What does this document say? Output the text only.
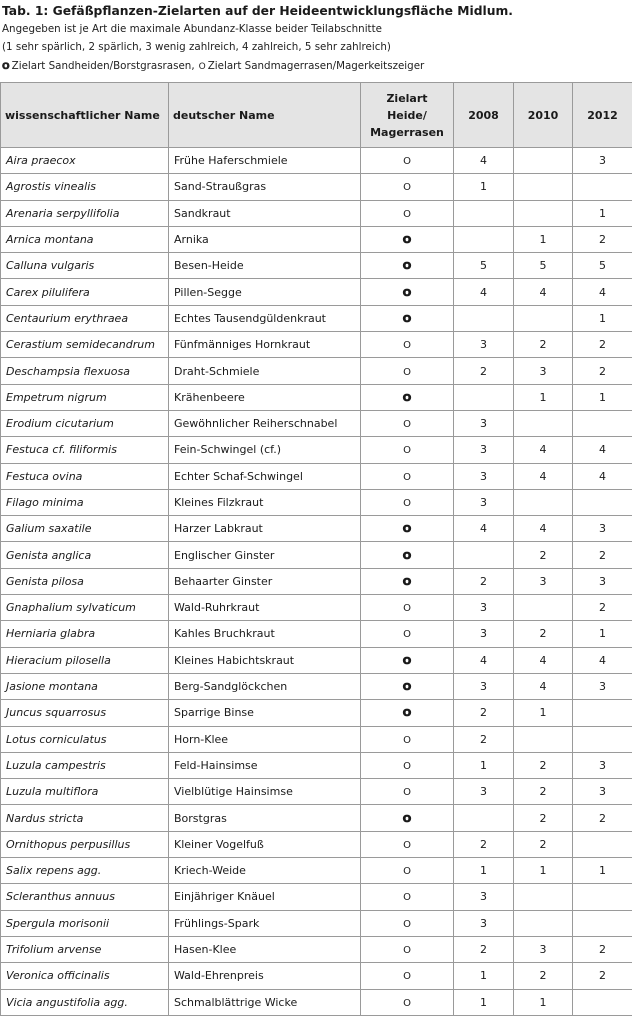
Tab. 1: Gefäßpflanzen-Zielarten auf der Heideentwicklungsfläche Midlum.
Angegeben ist je Art die maximale Abundanz-Klasse beider Teilabschnitte
(1 sehr spärlich, 2 spärlich, 3 wenig zahlreich, 4 zahlreich, 5 sehr zahlreich)
O Zielart Sandheiden/Borstgrasrasen, O Zielart Sandmagerrasen/Magerkeitszeiger
wissenschaftlicher Name	deutscher Name	Zielart
Heide/
Magerrasen	2008	2010	2012
Aira praecox	Frühe Haferschmiele	O	4		3
Agrostis vinealis	Sand-Straußgras	O	1		
Arenaria serpyllifolia	Sandkraut	O			1
Arnica montana	Arnika	O		1	2
Calluna vulgaris	Besen-Heide	O	5	5	5
Carex pilulifera	Pillen-Segge	O	4	4	4
Centaurium erythraea	Echtes Tausendgüldenkraut	O			1
Cerastium semidecandrum	Fünfmänniges Hornkraut	O	3	2	2
Deschampsia flexuosa	Draht-Schmiele	O	2	3	2
Empetrum nigrum	Krähenbeere	O		1	1
Erodium cicutarium	Gewöhnlicher Reiherschnabel	O	3		
Festuca cf. filiformis	Fein-Schwingel (cf.)	O	3	4	4
Festuca ovina	Echter Schaf-Schwingel	O	3	4	4
Filago minima	Kleines Filzkraut	O	3		
Galium saxatile	Harzer Labkraut	O	4	4	3
Genista anglica	Englischer Ginster	O		2	2
Genista pilosa	Behaarter Ginster	O	2	3	3
Gnaphalium sylvaticum	Wald-Ruhrkraut	O	3		2
Herniaria glabra	Kahles Bruchkraut	O	3	2	1
Hieracium pilosella	Kleines Habichtskraut	O	4	4	4
Jasione montana	Berg-Sandglöckchen	O	3	4	3
Juncus squarrosus	Sparrige Binse	O	2	1	
Lotus corniculatus	Horn-Klee	O	2		
Luzula campestris	Feld-Hainsimse	O	1	2	3
Luzula multiflora	Vielblütige Hainsimse	O	3	2	3
Nardus stricta	Borstgras	O		2	2
Ornithopus perpusillus	Kleiner Vogelfuß	O	2	2	
Salix repens agg.	Kriech-Weide	O	1	1	1
Scleranthus annuus	Einjähriger Knäuel	O	3		
Spergula morisonii	Frühlings-Spark	O	3		
Trifolium arvense	Hasen-Klee	O	2	3	2
Veronica officinalis	Wald-Ehrenpreis	O	1	2	2
Vicia angustifolia agg.	Schmalblättrige Wicke	O	1	1	
